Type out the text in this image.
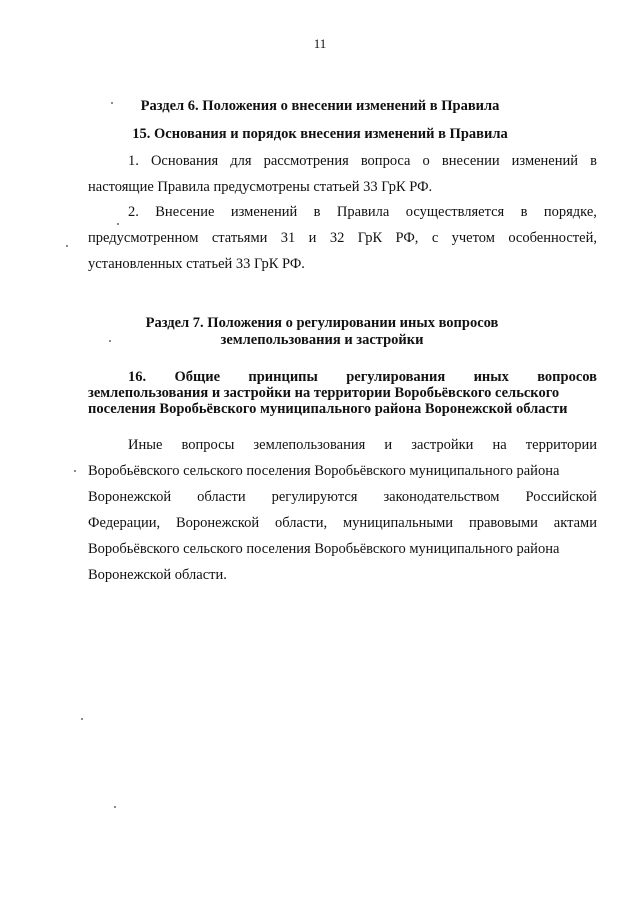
11
Раздел 6. Положения о внесении изменений в Правила
15. Основания и порядок внесения изменений в Правила
1. Основания для рассмотрения вопроса о внесении изменений в
настоящие Правила предусмотрены статьей 33 ГрК РФ.
2. Внесение изменений в Правила осуществляется в порядке,
предусмотренном статьями 31 и 32 ГрК РФ, с учетом особенностей,
установленных статьей 33 ГрК РФ.
Раздел 7. Положения о регулировании иных вопросов
землепользования и застройки
16. Общие принципы регулирования иных вопросов
землепользования и застройки на территории Воробьёвского сельского
поселения Воробьёвского муниципального района Воронежской области
Иные вопросы землепользования и застройки на территории
Воробьёвского сельского поселения Воробьёвского муниципального района
Воронежской области регулируются законодательством Российской
Федерации, Воронежской области, муниципальными правовыми актами
Воробьёвского сельского поселения Воробьёвского муниципального района
Воронежской области.
